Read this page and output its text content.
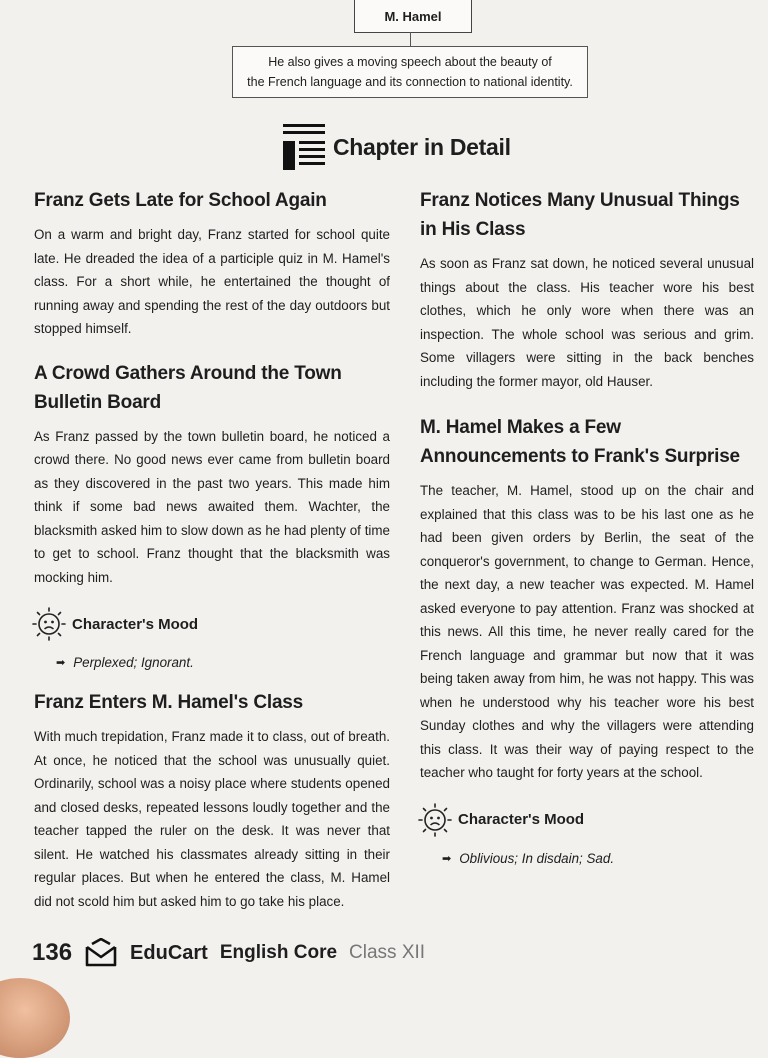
M. Hamel
He also gives a moving speech about the beauty of
the French language and its connection to national identity.
Chapter in Detail
Franz Gets Late for School Again

On a warm and bright day, Franz started for school quite late. He dreaded the idea of a participle quiz in M. Hamel's class. For a short while, he entertained the thought of running away and spending the rest of the day outdoors but stopped himself.

A Crowd Gathers Around the Town Bulletin Board

As Franz passed by the town bulletin board, he noticed a crowd there. No good news ever came from bulletin board as they discovered in the past two years. This made him think if some bad news awaited them. Wachter, the blacksmith asked him to slow down as he had plenty of time to get to school. Franz thought that the blacksmith was mocking him.

Character's Mood
➡ Perplexed; Ignorant.
Franz Enters M. Hamel's Class

With much trepidation, Franz made it to class, out of breath. At once, he noticed that the school was unusually quiet. Ordinarily, school was a noisy place where students opened and closed desks, repeated lessons loudly together and the teacher tapped the ruler on the desk. It was never that silent. He watched his classmates already sitting in their regular places. But when he entered the class, M. Hamel did not scold him but asked him to go take his place.

Franz Notices Many Unusual Things in His Class

As soon as Franz sat down, he noticed several unusual things about the class. His teacher wore his best clothes, which he only wore when there was an inspection. The whole school was serious and grim. Some villagers were sitting in the back benches including the former mayor, old Hauser.

M. Hamel Makes a Few Announcements to Frank's Surprise

The teacher, M. Hamel, stood up on the chair and explained that this class was to be his last one as he had been given orders by Berlin, the seat of the conqueror's government, to change to German. Hence, the next day, a new teacher was expected. M. Hamel asked everyone to pay attention. Franz was shocked at this news. All this time, he never really cared for the French language and grammar but now that it was being taken away from him, he was not happy. This was when he understood why his teacher wore his best Sunday clothes and why the villagers were attending this class. It was their way of paying respect to the teacher who taught for forty years at the school.

Character's Mood
➡ Oblivious; In disdain; Sad.
136	EduCart English Core Class XII
